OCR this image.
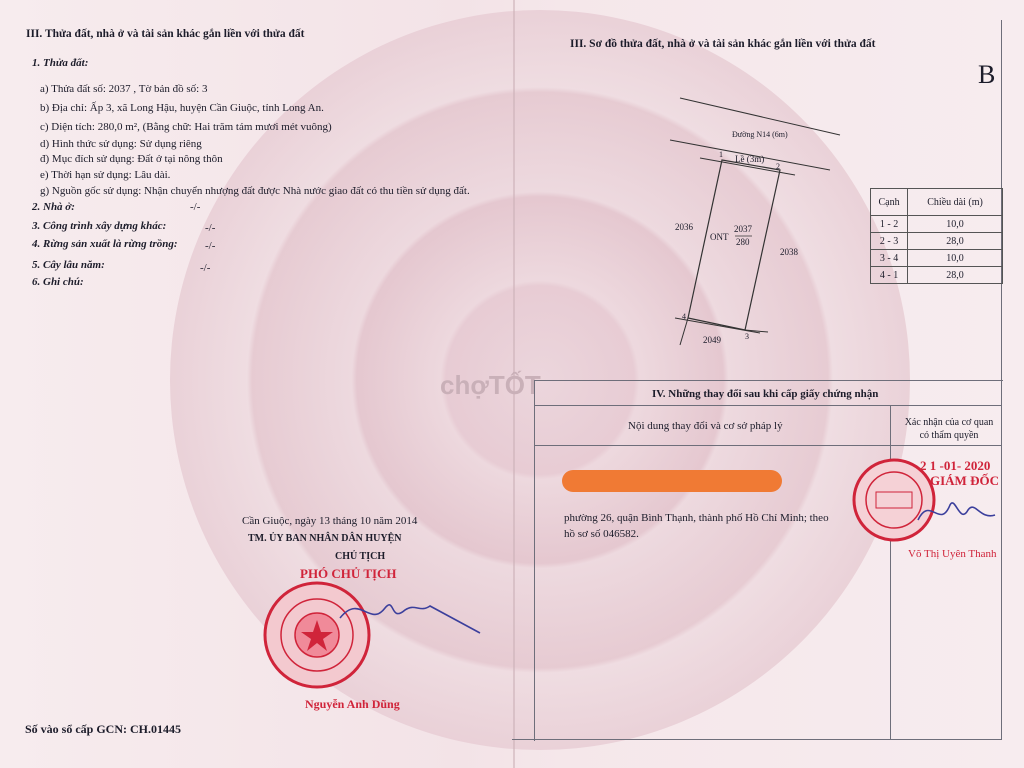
III. Thửa đất, nhà ở và tài sản khác gắn liền với thửa đất
1. Thửa đất:
a) Thửa đất số: 2037 , Tờ bản đồ số: 3
b) Địa chỉ: Ấp 3, xã Long Hậu, huyện Cần Giuộc, tỉnh Long An.
c) Diện tích: 280,0 m², (Bằng chữ: Hai trăm tám mươi mét vuông)
d) Hình thức sử dụng: Sử dụng riêng
đ) Mục đích sử dụng: Đất ở tại nông thôn
e) Thời hạn sử dụng: Lâu dài.
g) Nguồn gốc sử dụng: Nhận chuyển nhượng đất được Nhà nước giao đất có thu tiền sử dụng đất.
2. Nhà ở:	-/-
3. Công trình xây dựng khác:	-/-
4. Rừng sản xuất là rừng trồng: -/-
5. Cây lâu năm:	-/-
6. Ghi chú:
Cần Giuộc, ngày 13 tháng 10 năm 2014
TM. ỦY BAN NHÂN DÂN HUYỆN
CHỦ TỊCH
PHÓ CHỦ TỊCH
Nguyễn Anh Dũng
Số vào sổ cấp GCN: CH.01445
III. Sơ đồ thửa đất, nhà ở và tài sản khác gắn liền với thửa đất
B
Đường N14 (6m)
Lề (3m)
1
2
3
4
ONT
2037
280
2036
2038
2049
Cạnh	Chiều dài (m)
1 - 2	10,0
2 - 3	28,0
3 - 4	10,0
4 - 1	28,0
chợTỐT	IV. Những thay đổi sau khi cấp giấy chứng nhận
Nội dung thay đổi và cơ sở pháp lý	Xác nhận của cơ quan có thẩm quyền
phường 26, quận Bình Thạnh, thành phố Hồ Chí Minh; theo
hồ sơ số 046582.
2 1 -01- 2020
GIÁM ĐỐC
Võ Thị Uyên Thanh
